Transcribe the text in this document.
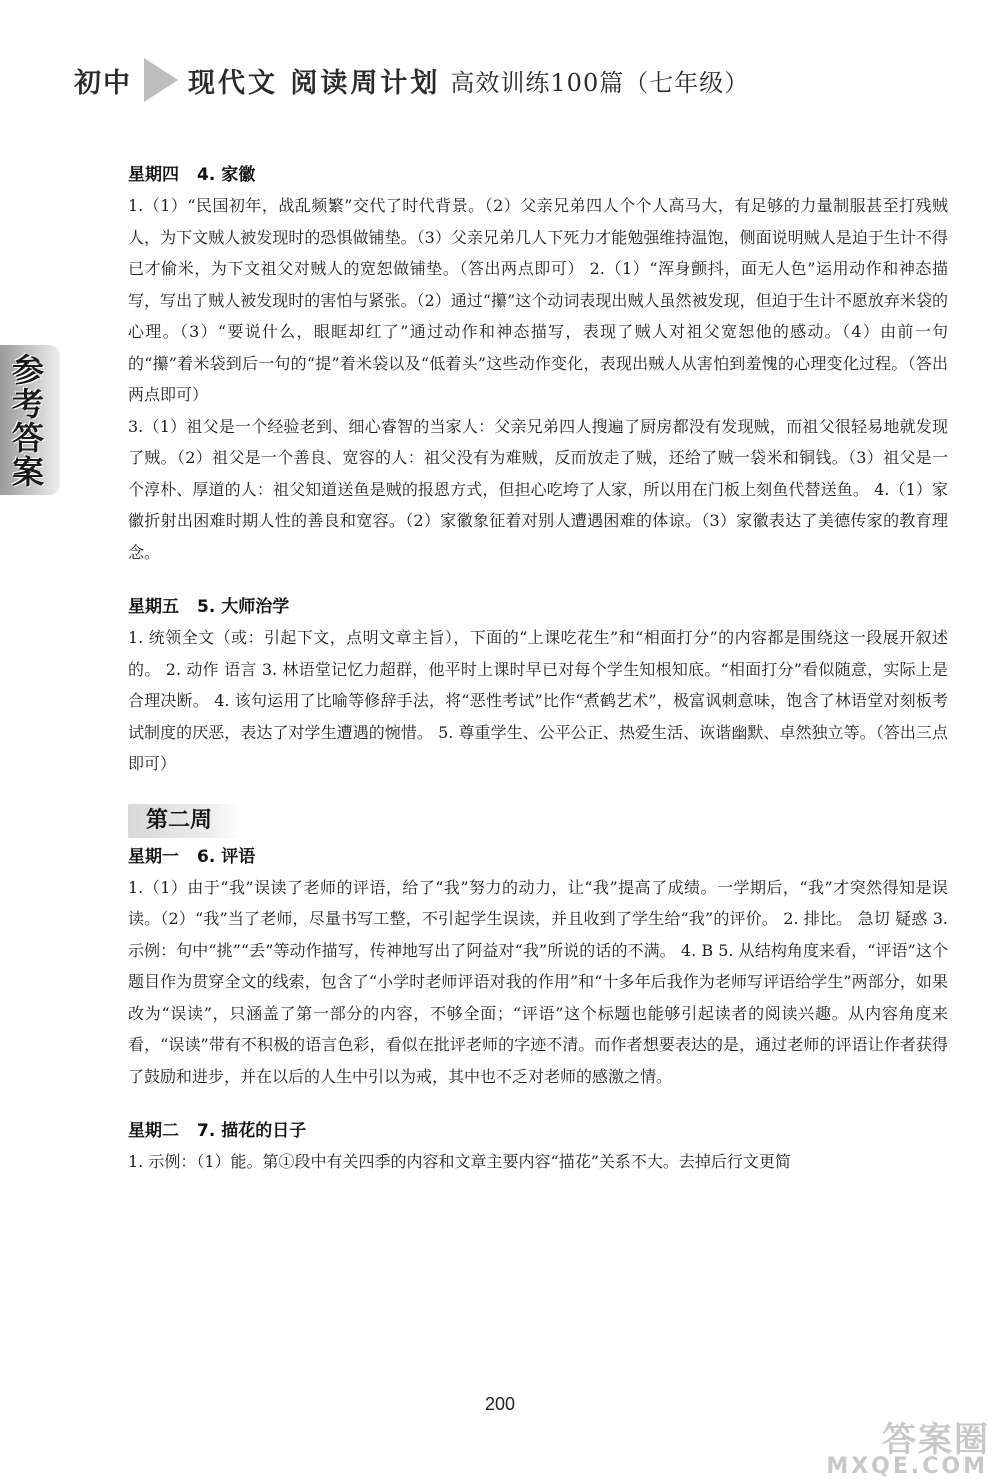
初中 现代文 阅读周计划 高效训练100篇（七年级）
参考答案
星期四 4. 家徽

1.（1）“民国初年，战乱频繁”交代了时代背景。（2）父亲兄弟四人个个人高马大，有足够的力量制服甚至打残贼人，为下文贼人被发现时的恐惧做铺垫。（3）父亲兄弟几人下死力才能勉强维持温饱，侧面说明贼人是迫于生计不得已才偷米，为下文祖父对贼人的宽恕做铺垫。（答出两点即可） 2.（1）“浑身颤抖，面无人色”运用动作和神态描写，写出了贼人被发现时的害怕与紧张。（2）通过“攥”这个动词表现出贼人虽然被发现，但迫于生计不愿放弃米袋的心理。（3）“要说什么，眼眶却红了”通过动作和神态描写，表现了贼人对祖父宽恕他的感动。（4）由前一句的“攥”着米袋到后一句的“提”着米袋以及“低着头”这些动作变化，表现出贼人从害怕到羞愧的心理变化过程。（答出两点即可）

3.（1）祖父是一个经验老到、细心睿智的当家人：父亲兄弟四人搜遍了厨房都没有发现贼，而祖父很轻易地就发现了贼。（2）祖父是一个善良、宽容的人：祖父没有为难贼，反而放走了贼，还给了贼一袋米和铜钱。（3）祖父是一个淳朴、厚道的人：祖父知道送鱼是贼的报恩方式，但担心吃垮了人家，所以用在门板上刻鱼代替送鱼。 4.（1）家徽折射出困难时期人性的善良和宽容。（2）家徽象征着对别人遭遇困难的体谅。（3）家徽表达了美德传家的教育理念。

星期五 5. 大师治学

1. 统领全文（或：引起下文，点明文章主旨），下面的“上课吃花生”和“相面打分”的内容都是围绕这一段展开叙述的。 2. 动作 语言 3. 林语堂记忆力超群，他平时上课时早已对每个学生知根知底。“相面打分”看似随意，实际上是合理决断。 4. 该句运用了比喻等修辞手法，将“恶性考试”比作“煮鹤艺术”，极富讽刺意味，饱含了林语堂对刻板考试制度的厌恶，表达了对学生遭遇的惋惜。 5. 尊重学生、公平公正、热爱生活、诙谐幽默、卓然独立等。（答出三点即可）

第二周
星期一 6. 评语

1.（1）由于“我”误读了老师的评语，给了“我”努力的动力，让“我”提高了成绩。一学期后，“我”才突然得知是误读。（2）“我”当了老师，尽量书写工整，不引起学生误读，并且收到了学生给“我”的评价。 2. 排比。 急切 疑惑 3. 示例：句中“挑”“丢”等动作描写，传神地写出了阿益对“我”所说的话的不满。 4. B 5. 从结构角度来看，“评语”这个题目作为贯穿全文的线索，包含了“小学时老师评语对我的作用”和“十多年后我作为老师写评语给学生”两部分，如果改为“误读”，只涵盖了第一部分的内容，不够全面；“评语”这个标题也能够引起读者的阅读兴趣。从内容角度来看，“误读”带有不积极的语言色彩，看似在批评老师的字迹不清。而作者想要表达的是，通过老师的评语让作者获得了鼓励和进步，并在以后的人生中引以为戒，其中也不乏对老师的感激之情。

星期二 7. 描花的日子

1. 示例：（1）能。第①段中有关四季的内容和文章主要内容“描花”关系不大。去掉后行文更简

200
答案圈
MXQE.COM
